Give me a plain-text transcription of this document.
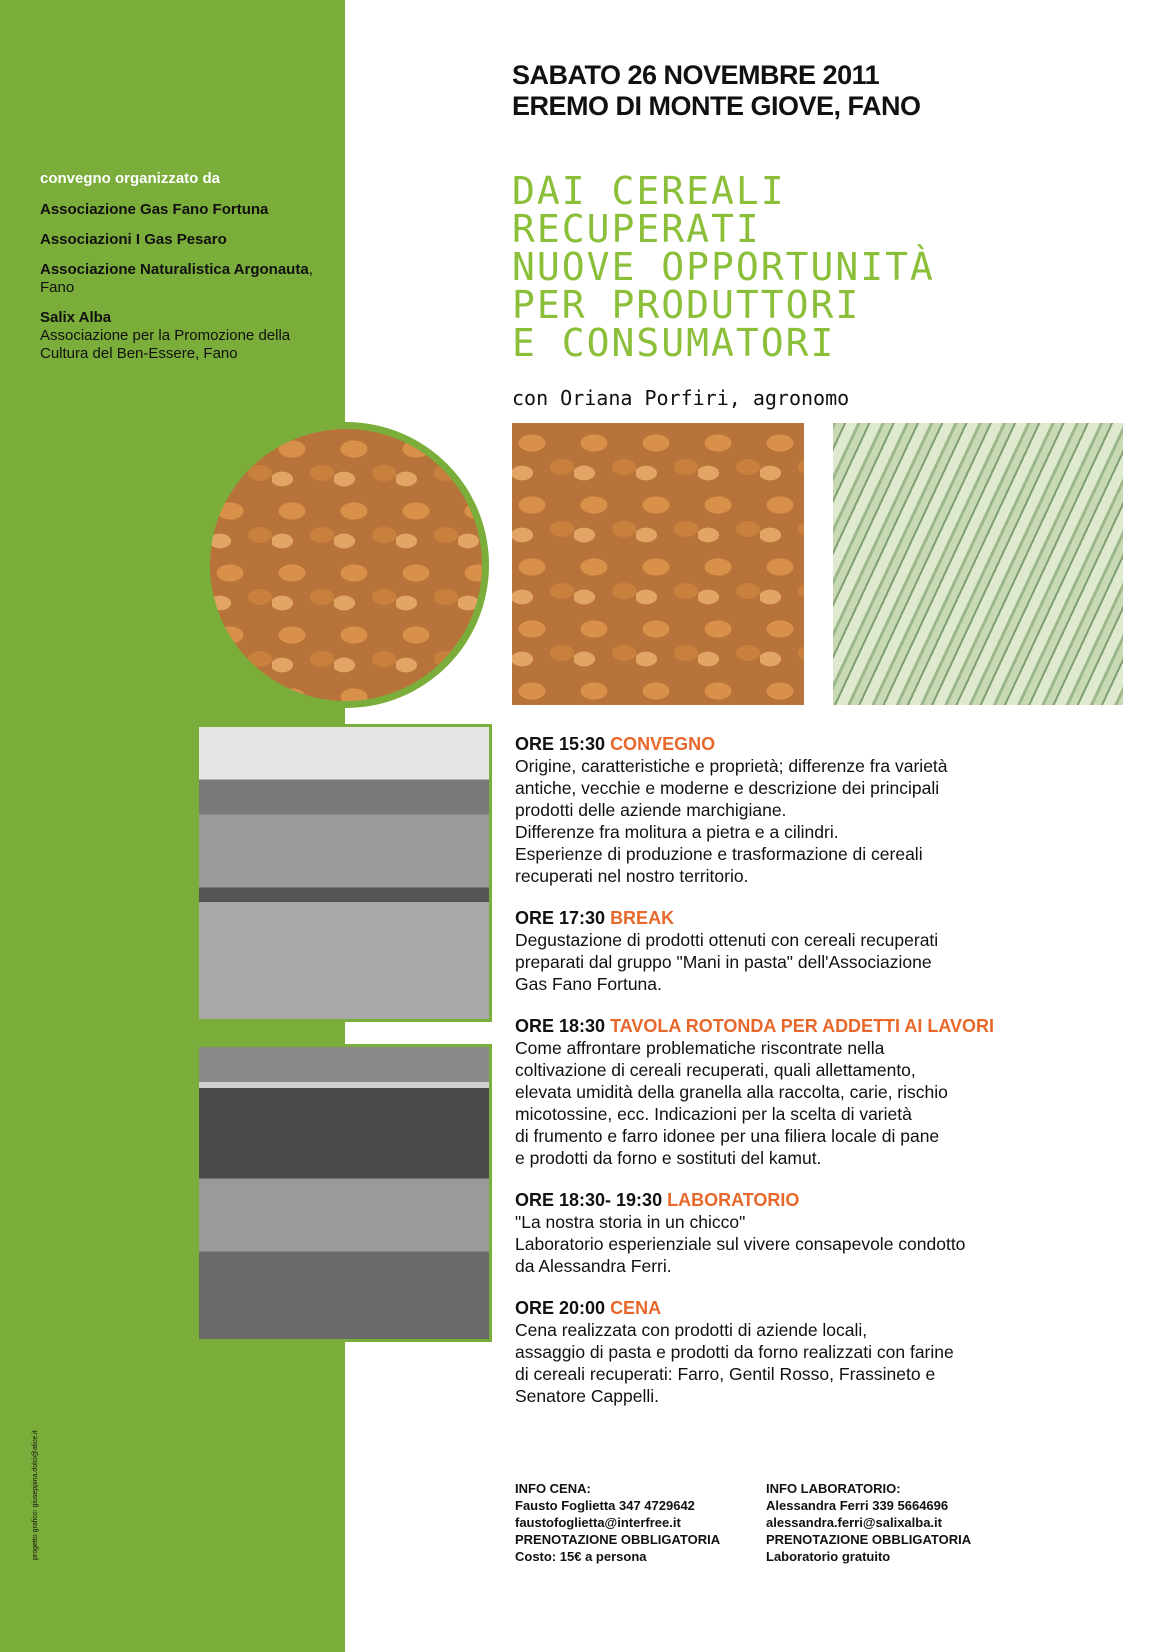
convegno organizzato da
Associazione Gas Fano Fortuna
Associazioni I Gas Pesaro
Associazione Naturalistica Argonauta, Fano
Salix Alba
Associazione per la Promozione della Cultura del Ben-Essere, Fano
progetto grafico: giuseppina.dolci@alice.it
SABATO 26 NOVEMBRE 2011
EREMO DI MONTE GIOVE, FANO
DAI CEREALI
RECUPERATI
NUOVE OPPORTUNITÀ
PER PRODUTTORI
E CONSUMATORI
con Oriana Porfiri, agronomo
ORE 15:30 CONVEGNO
Origine, caratteristiche e proprietà; differenze fra varietà
antiche, vecchie e moderne e descrizione dei principali
prodotti delle aziende marchigiane.
Differenze fra molitura a pietra e a cilindri.
Esperienze di produzione e trasformazione di cereali
recuperati nel nostro territorio.
ORE 17:30 BREAK
Degustazione di prodotti ottenuti con cereali recuperati
preparati dal gruppo "Mani in pasta" dell'Associazione
Gas Fano Fortuna.
ORE 18:30 TAVOLA ROTONDA PER ADDETTI AI LAVORI
Come affrontare problematiche riscontrate nella
coltivazione di cereali recuperati, quali allettamento,
elevata umidità della granella alla raccolta, carie, rischio
micotossine, ecc. Indicazioni per la scelta di varietà
di frumento e farro idonee per una filiera locale di pane
e prodotti da forno e sostituti del kamut.
ORE 18:30- 19:30 LABORATORIO
"La nostra storia in un chicco"
Laboratorio esperienziale sul vivere consapevole condotto
da Alessandra Ferri.
ORE 20:00 CENA
Cena realizzata con prodotti di aziende locali,
assaggio di pasta e prodotti da forno realizzati con farine
di cereali recuperati: Farro, Gentil Rosso, Frassineto e
Senatore Cappelli.
INFO CENA:
Fausto Foglietta 347 4729642
faustofoglietta@interfree.it
PRENOTAZIONE OBBLIGATORIA
Costo: 15€ a persona
INFO LABORATORIO:
Alessandra Ferri 339 5664696
alessandra.ferri@salixalba.it
PRENOTAZIONE OBBLIGATORIA
Laboratorio gratuito
